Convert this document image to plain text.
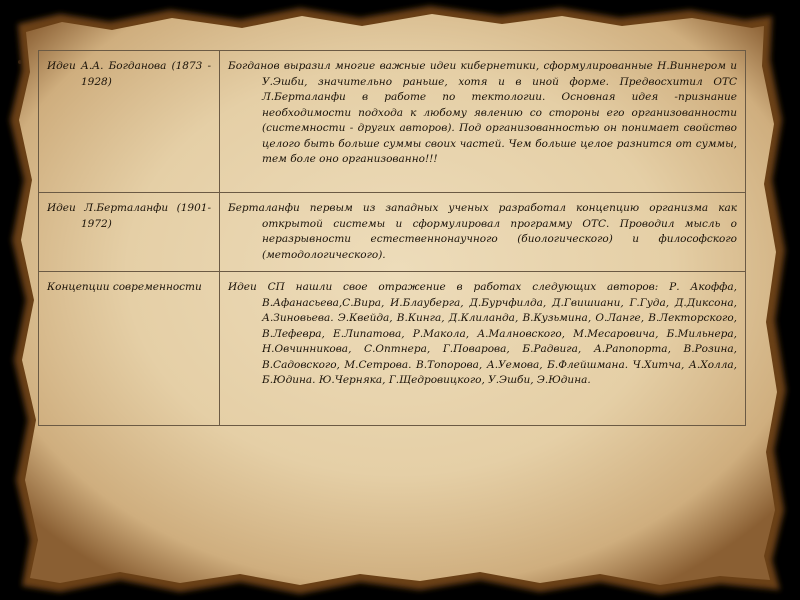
Идеи А.А. Богданова (1873 - 1928)	Богданов выразил многие важные идеи кибернетики, сформулированные Н.Виннером и У.Эшби, значительно раньше, хотя и в иной форме. Предвосхитил ОТС Л.Берталанфи в работе по тектологии. Основная идея -признание необходимости подхода к любому явлению со стороны его организованности (системности - других авторов). Под организованностью он понимает свойство целого быть больше суммы своих частей. Чем больше целое разнится от суммы, тем боле оно организованно!!!

Идеи Л.Берталанфи (1901-1972)	Берталанфи первым из западных ученых разработал концепцию организма как открытой системы и сформулировал программу ОТС. Проводил мысль о неразрывности естественнонаучного (биологического) и философского (методологического).

Концепции современности	Идеи СП нашли свое отражение в работах следующих авторов: Р. Акоффа, В.Афанасьева,С.Вира, И.Блауберга, Д.Бурчфилда, Д.Гвишиани, Г.Гуда, Д.Диксона, А.Зиновьева. Э.Квейда, В.Кинга, Д.Клиланда, В.Кузьмина, О.Ланге, В.Лекторского, В.Лефевра, Е.Липатова, Р.Макола, А.Малновского, М.Месаровича, Б.Мильнера, Н.Овчинникова, С.Оптнера, Г.Поварова, Б.Радвига, А.Рапопорта, В.Розина, В.Садовского, М.Сетрова. В.Топорова, А.Уемова, Б.Флейшмана. Ч.Хитча, А.Холла, Б.Юдина. Ю.Черняка, Г.Щедровицкого, У.Эшби, Э.Юдина.
